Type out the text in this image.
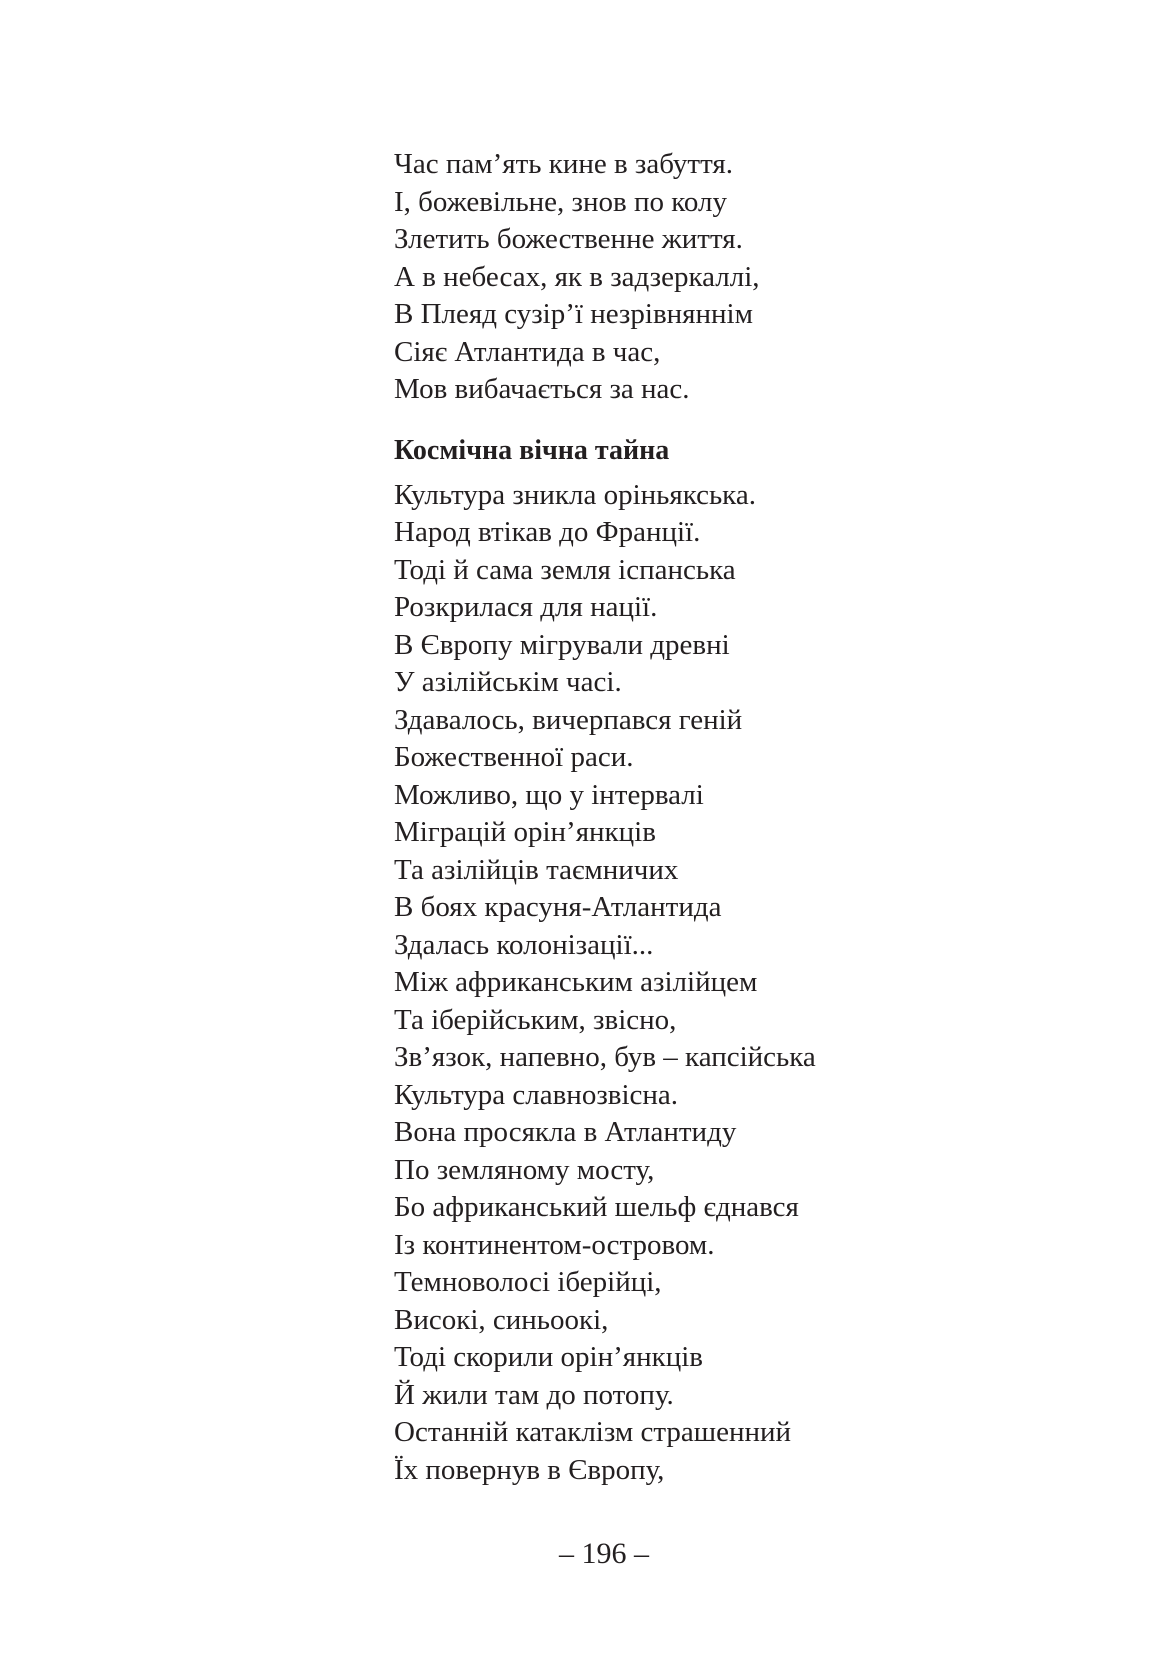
Час пам’ять кине в забуття.
І, божевільне, знов по колу
Злетить божественне життя.
А в небесах, як в задзеркаллі,
В Плеяд сузір’ї незрівняннім
Сіяє Атлантида в час,
Мов вибачається за нас.
Космічна вічна тайна
Культура зникла оріньякська.
Народ втікав до Франції.
Тоді й сама земля іспанська
Розкрилася для нації.
В Європу мігрували древні
У азілійськім часі.
Здавалось, вичерпався геній
Божественної раси.
Можливо, що у інтервалі
Міграцій орін’янкців
Та азілійців таємничих
В боях красуня-Атлантида
Здалась колонізації...
Між африканським азілійцем
Та іберійським, звісно,
Зв’язок, напевно, був – капсійська
Культура славнозвісна.
Вона просякла в Атлантиду
По земляному мосту,
Бо африканський шельф єднався
Із континентом-островом.
Темноволосі іберійці,
Високі, синьоокі,
Тоді скорили орін’янкців
Й жили там до потопу.
Останній катаклізм страшенний
Їх повернув в Європу,
– 196 –
